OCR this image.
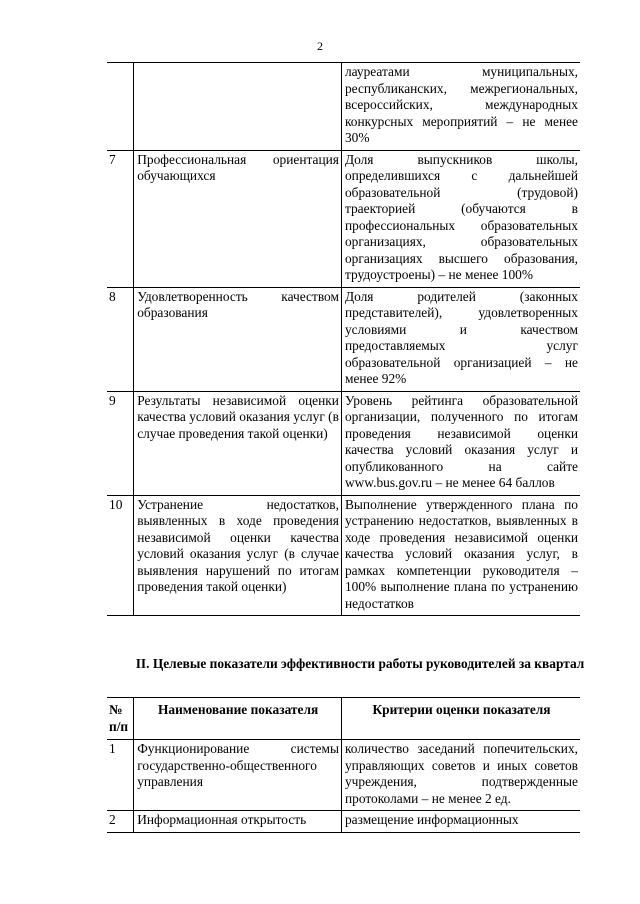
2
		лауреатами муниципальных, республиканских, межрегиональных, всероссийских, международных конкурсных мероприятий – не менее 30%
7	Профессиональная ориентация обучающихся	Доля выпускников школы, определившихся с дальнейшей образовательной (трудовой) траекторией (обучаются в профессиональных образовательных организациях, образовательных организациях высшего образования, трудоустроены) – не менее 100%
8	Удовлетворенность качеством образования	Доля родителей (законных представителей), удовлетворенных условиями и качеством предоставляемых услуг образовательной организацией – не менее 92%
9	Результаты независимой оценки качества условий оказания услуг (в случае проведения такой оценки)	Уровень рейтинга образовательной организации, полученного по итогам проведения независимой оценки качества условий оказания услуг и опубликованного на сайте www.bus.gov.ru – не менее 64 баллов
10	Устранение недостатков, выявленных в ходе проведения независимой оценки качества условий оказания услуг (в случае выявления нарушений по итогам проведения такой оценки)	Выполнение утвержденного плана по устранению недостатков, выявленных в ходе проведения независимой оценки качества условий оказания услуг, в рамках компетенции руководителя – 100% выполнение плана по устранению недостатков
II. Целевые показатели эффективности работы руководителей за квартал
№ п/п	Наименование показателя	Критерии оценки показателя
1	Функционирование системы государственно-общественного управления	количество заседаний попечительских, управляющих советов и иных советов учреждения, подтвержденные протоколами – не менее 2 ед.
2	Информационная открытость	размещение информационных
